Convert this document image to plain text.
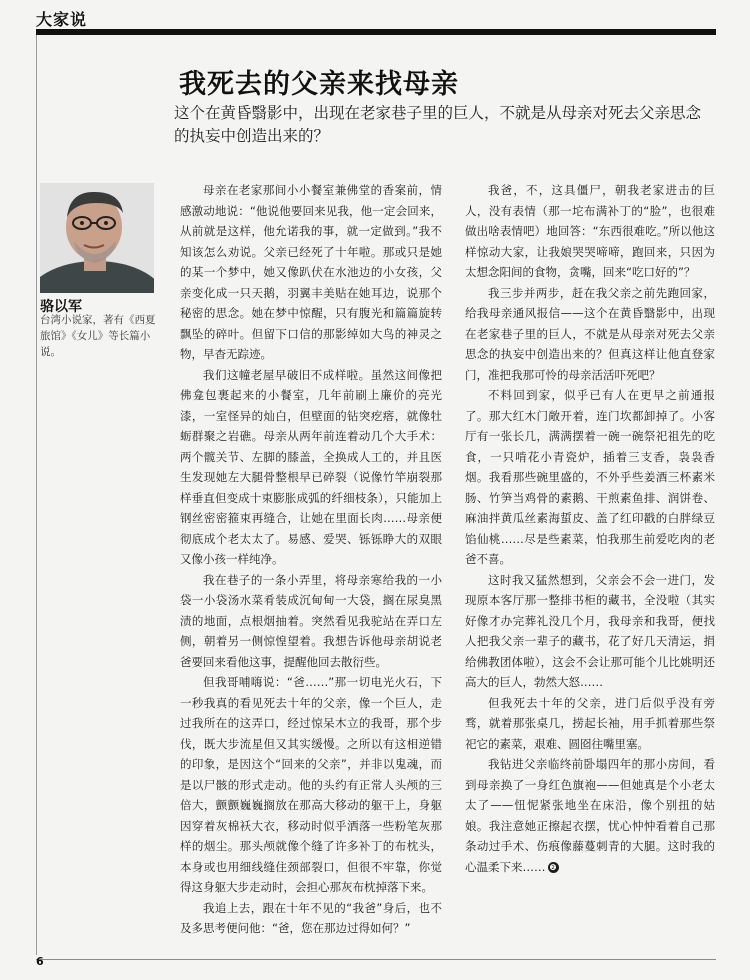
大家说
我死去的父亲来找母亲
这个在黄昏翳影中，出现在老家巷子里的巨人，不就是从母亲对死去父亲思念的执妄中创造出来的？
骆以军
台湾小说家，著有《西夏旅馆》《女儿》等长篇小说。

母亲在老家那间小小餐室兼佛堂的香案前，情感激动地说：“他说他要回来见我，他一定会回来，从前就是这样，他允诺我的事，就一定做到。”我不知该怎么劝说。父亲已经死了十年啦。那或只是她的某一个梦中，她又像趴伏在水池边的小女孩，父亲变化成一只天鹅，羽翼丰美贴在她耳边，说那个秘密的思念。她在梦中惊醒，只有腹光和篇篇旋转飘坠的碎叶。但留下口信的那影绰如大鸟的神灵之物，早杳无踪迹。

我们这幢老屋早破旧不成样啦。虽然这间像把佛龛包裹起来的小餐室，几年前刷上廉价的亮光漆，一室怪异的灿白，但壁面的钻突疙瘩，就像牡蛎群聚之岩礁。母亲从两年前连着动几个大手术：两个髋关节、左脚的膝盖，全换成人工的，并且医生发现她左大腿骨整根早已碎裂（说像竹竿崩裂那样垂直但变成十束膨胀成弧的纤细枝条），只能加上钢丝密密箍束再缝合，让她在里面长肉……母亲便彻底成个老太太了。易感、爱哭、铄铄睁大的双眼又像小孩一样纯净。

我在巷子的一条小弄里，将母亲寒给我的一小袋一小袋汤水菜肴装成沉甸甸一大袋，搁在尿臭黑渍的地面，点根烟抽着。突然看见我驼站在弄口左侧，朝着另一侧惊惶望着。我想告诉他母亲胡说老爸要回来看他这事，提醒他回去散衍些。

但我哥哺嗨说：“爸……”那一切电光火石，下一秒我真的看见死去十年的父亲，像一个巨人，走过我所在的这弄口，经过惊呆木立的我哥，那个步伐，既大步流星但又其实缓慢。之所以有这相逆错的印象，是因这个“回来的父亲”，并非以鬼魂，而是以尸骸的形式走动。他的头约有正常人头颅的三倍大，颤颤巍巍搁放在那高大移动的躯干上，身躯因穿着灰棉袄大衣，移动时似乎洒落一些粉笔灰那样的烟尘。那头颅就像个缝了许多补丁的布枕头，本身或也用细线缝住颈部裂口，但很不牢靠，你觉得这身躯大步走动时，会担心那灰布枕掉落下来。

我追上去，跟在十年不见的“我爸”身后，也不及多思考便问他：“爸，您在那边过得如何？”

我爸，不，这具僵尸，朝我老家进击的巨人，没有表情（那一坨布满补丁的“脸”，也很难做出啥表情吧）地回答：“东西很难吃。”所以他这样惊动大家，让我娘哭哭啼啼，跑回来，只因为太想念阳间的食物，贪嘴，回来“吃口好的”？

我三步并两步，赶在我父亲之前先跑回家，给我母亲通风报信——这个在黄昏翳影中，出现在老家巷子里的巨人，不就是从母亲对死去父亲思念的执妄中创造出来的？但真这样让他直登家门，准把我那可怜的母亲活活吓死吧？

不料回到家，似乎已有人在更早之前通报了。那大红木门敞开着，连门坎都卸掉了。小客厅有一张长几，满满摆着一碗一碗祭祀祖先的吃食，一只啃花小青瓷炉，插着三支香，袅袅香烟。我看那些碗里盛的，不外乎些姜酒三杯素米肠、竹笋当鸡骨的素鹅、干煎素鱼排、润饼卷、麻油拌黄瓜丝素海蜇皮、盖了红印戳的白胖绿豆馅仙桃……尽是些素菜，怕我那生前爱吃肉的老爸不喜。

这时我又猛然想到，父亲会不会一进门，发现原本客厅那一整排书柜的藏书，全没啦（其实好像才办完葬礼没几个月，我母亲和我哥，便找人把我父亲一辈子的藏书，花了好几天清运，捐给佛教团体啦），这会不会让那可能个儿比姚明还高大的巨人，勃然大怒……

但我死去十年的父亲，进门后似乎没有旁骛，就着那张桌几，捞起长袖，用手抓着那些祭祀它的素菜，艰难、圆囵往嘴里塞。

我钻进父亲临终前卧塌四年的那小房间，看到母亲换了一身红色旗袍——但她真是个小老太太了——忸怩紧张地坐在床沿，像个别扭的姑娘。我注意她正擦起衣摆，忧心忡忡看着自己那条动过手术、伤痕像藤蔓刺青的大腿。这时我的心温柔下来…… ❷

6
